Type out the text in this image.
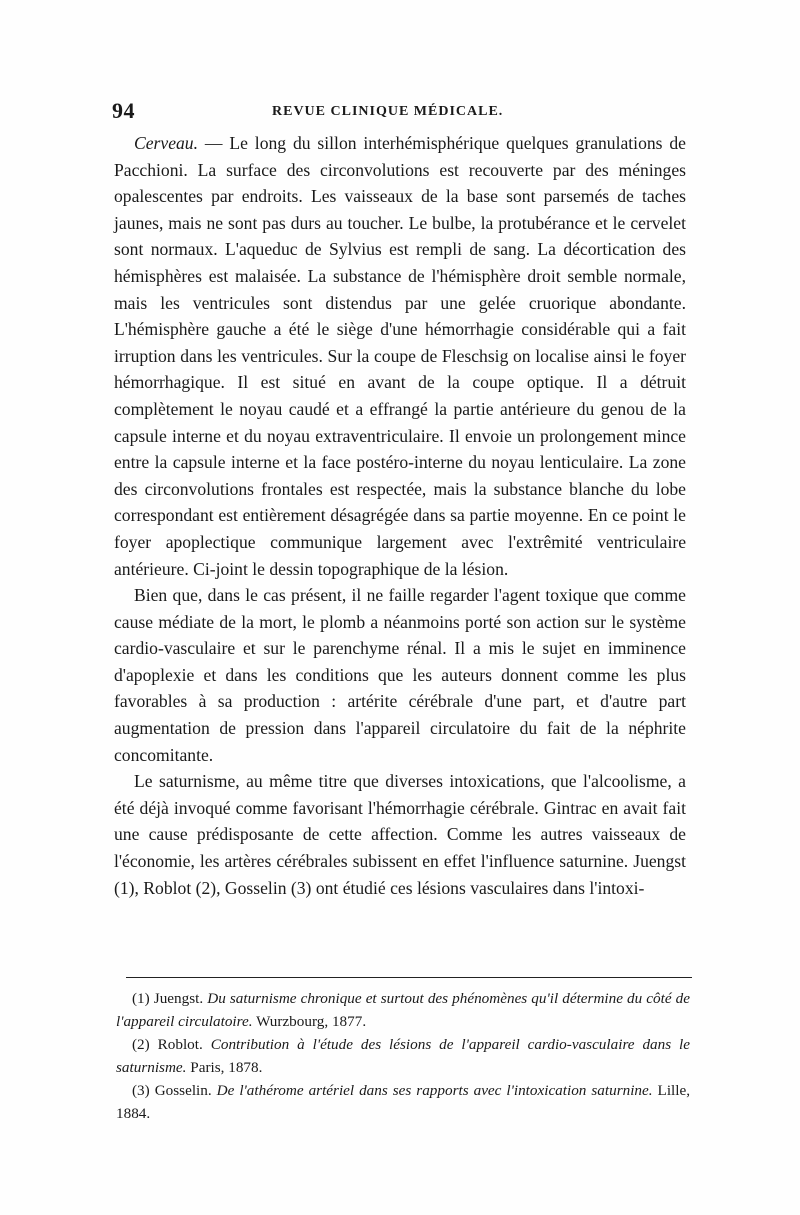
94	REVUE CLINIQUE MÉDICALE.

Cerveau. — Le long du sillon interhémisphérique quelques granulations de Pacchioni. La surface des circonvolutions est recouverte par des méninges opalescentes par endroits. Les vaisseaux de la base sont parsemés de taches jaunes, mais ne sont pas durs au toucher. Le bulbe, la protubérance et le cervelet sont normaux. L'aqueduc de Sylvius est rempli de sang. La décortication des hémisphères est malaisée. La substance de l'hémisphère droit semble normale, mais les ventricules sont distendus par une gelée cruorique abondante. L'hémisphère gauche a été le siège d'une hémorrhagie considérable qui a fait irruption dans les ventricules. Sur la coupe de Fleschsig on localise ainsi le foyer hémorrhagique. Il est situé en avant de la coupe optique. Il a détruit complètement le noyau caudé et a effrangé la partie antérieure du genou de la capsule interne et du noyau extraventriculaire. Il envoie un prolongement mince entre la capsule interne et la face postéro-interne du noyau lenticulaire. La zone des circonvolutions frontales est respectée, mais la substance blanche du lobe correspondant est entièrement désagrégée dans sa partie moyenne. En ce point le foyer apoplectique communique largement avec l'extrêmité ventriculaire antérieure. Ci-joint le dessin topographique de la lésion.

Bien que, dans le cas présent, il ne faille regarder l'agent toxique que comme cause médiate de la mort, le plomb a néanmoins porté son action sur le système cardio-vasculaire et sur le parenchyme rénal. Il a mis le sujet en imminence d'apoplexie et dans les conditions que les auteurs donnent comme les plus favorables à sa production : artérite cérébrale d'une part, et d'autre part augmentation de pression dans l'appareil circulatoire du fait de la néphrite concomitante.

Le saturnisme, au même titre que diverses intoxications, que l'alcoolisme, a été déjà invoqué comme favorisant l'hémorrhagie cérébrale. Gintrac en avait fait une cause prédisposante de cette affection. Comme les autres vaisseaux de l'économie, les artères cérébrales subissent en effet l'influence saturnine. Juengst (1), Roblot (2), Gosselin (3) ont étudié ces lésions vasculaires dans l'intoxi-

(1) Juengst. Du saturnisme chronique et surtout des phénomènes qu'il détermine du côté de l'appareil circulatoire. Wurzbourg, 1877.

(2) Roblot. Contribution à l'étude des lésions de l'appareil cardio-vasculaire dans le saturnisme. Paris, 1878.

(3) Gosselin. De l'athérome artériel dans ses rapports avec l'intoxication saturnine. Lille, 1884.
